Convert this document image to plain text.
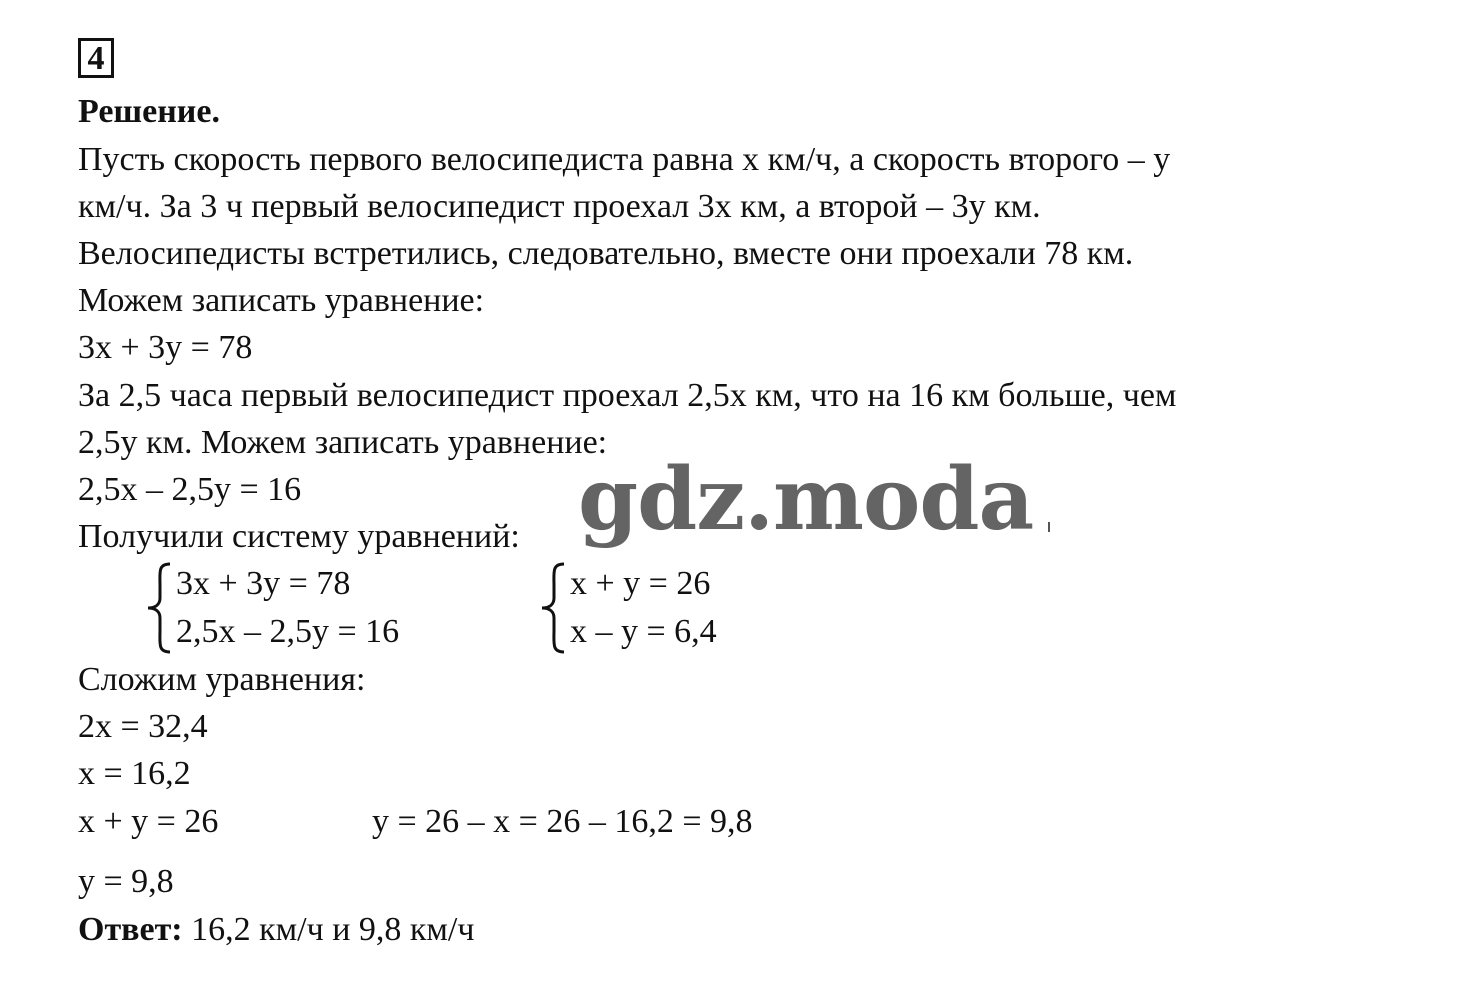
4
Решение.
Пусть скорость первого велосипедиста равна x км/ч, а скорость второго – y
км/ч. За 3 ч первый велосипедист проехал 3x км, а второй – 3y км.
Велосипедисты встретились, следовательно, вместе они проехали 78 км.
Можем записать уравнение:
3x + 3y = 78
За 2,5 часа первый велосипедист проехал 2,5x км, что на 16 км больше, чем
2,5y км. Можем записать уравнение:
2,5x – 2,5y = 16
Получили систему уравнений:
3x + 3y = 78
2,5x – 2,5y = 16
x + y = 26
x – y = 6,4
Сложим уравнения:
2x = 32,4
x = 16,2
x + y = 26	y = 26 – x = 26 – 16,2 = 9,8
y = 9,8
Ответ: 16,2 км/ч и 9,8 км/ч
gdz.moda
